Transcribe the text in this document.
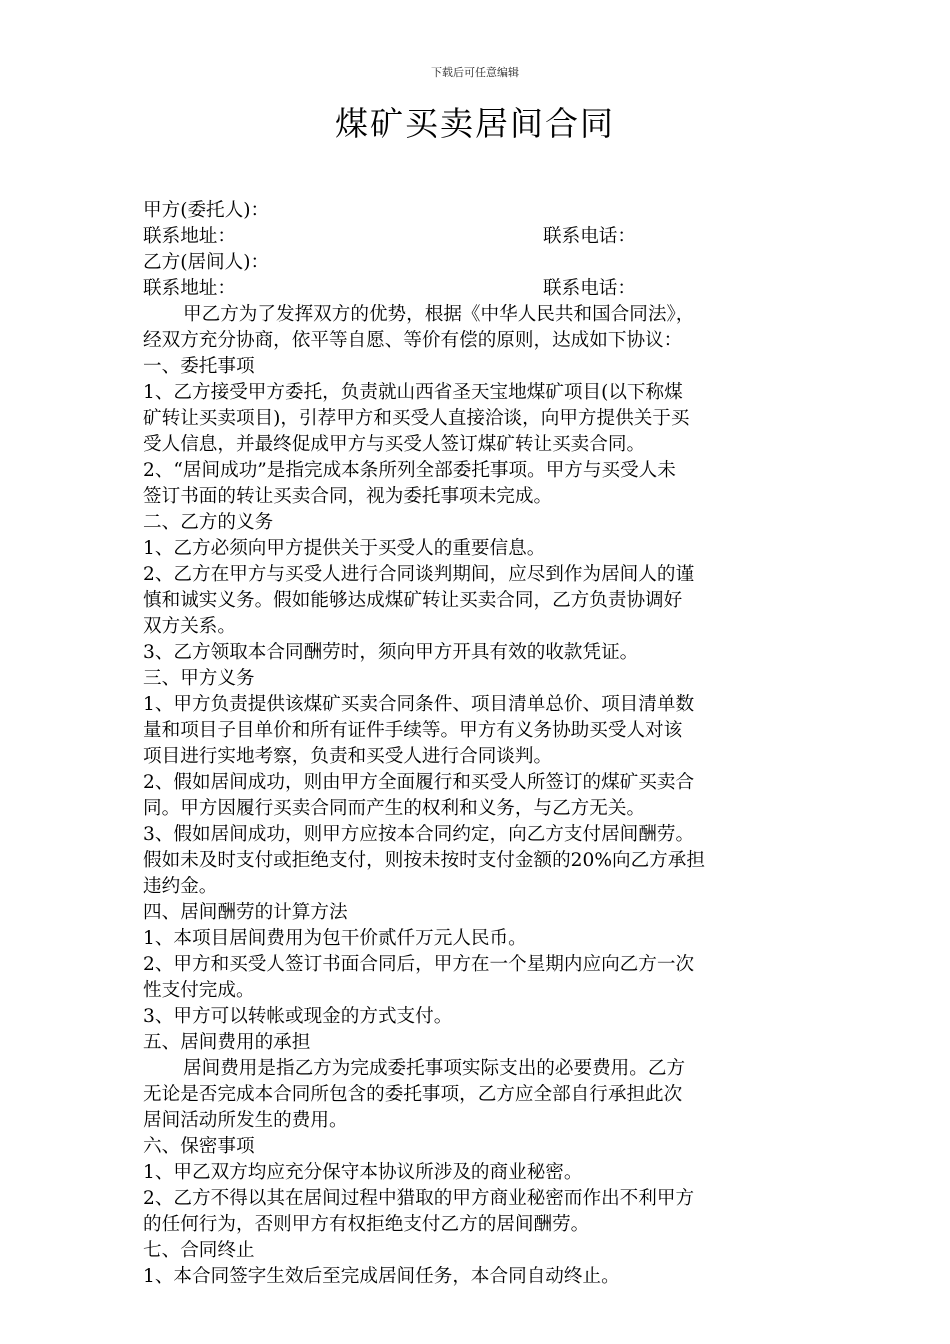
下载后可任意编辑
煤矿买卖居间合同
甲方(委托人)：
联系地址：	联系电话：
乙方(居间人)：
联系地址：	联系电话：
甲乙方为了发挥双方的优势，根据《中华人民共和国合同法》，
经双方充分协商，依平等自愿、等价有偿的原则，达成如下协议：
一、委托事项
1、乙方接受甲方委托，负责就山西省圣天宝地煤矿项目(以下称煤
矿转让买卖项目)，引荐甲方和买受人直接洽谈，向甲方提供关于买
受人信息，并最终促成甲方与买受人签订煤矿转让买卖合同。
2、“居间成功”是指完成本条所列全部委托事项。甲方与买受人未
签订书面的转让买卖合同，视为委托事项未完成。
二、乙方的义务
1、乙方必须向甲方提供关于买受人的重要信息。
2、乙方在甲方与买受人进行合同谈判期间，应尽到作为居间人的谨
慎和诚实义务。假如能够达成煤矿转让买卖合同，乙方负责协调好
双方关系。
3、乙方领取本合同酬劳时，须向甲方开具有效的收款凭证。
三、甲方义务
1、甲方负责提供该煤矿买卖合同条件、项目清单总价、项目清单数
量和项目子目单价和所有证件手续等。甲方有义务协助买受人对该
项目进行实地考察，负责和买受人进行合同谈判。
2、假如居间成功，则由甲方全面履行和买受人所签订的煤矿买卖合
同。甲方因履行买卖合同而产生的权利和义务，与乙方无关。
3、假如居间成功，则甲方应按本合同约定，向乙方支付居间酬劳。
假如未及时支付或拒绝支付，则按未按时支付金额的20%向乙方承担
违约金。
四、居间酬劳的计算方法
1、本项目居间费用为包干价贰仟万元人民币。
2、甲方和买受人签订书面合同后，甲方在一个星期内应向乙方一次
性支付完成。
3、甲方可以转帐或现金的方式支付。
五、居间费用的承担
居间费用是指乙方为完成委托事项实际支出的必要费用。乙方
无论是否完成本合同所包含的委托事项，乙方应全部自行承担此次
居间活动所发生的费用。
六、保密事项
1、甲乙双方均应充分保守本协议所涉及的商业秘密。
2、乙方不得以其在居间过程中猎取的甲方商业秘密而作出不利甲方
的任何行为，否则甲方有权拒绝支付乙方的居间酬劳。
七、合同终止
1、本合同签字生效后至完成居间任务，本合同自动终止。
